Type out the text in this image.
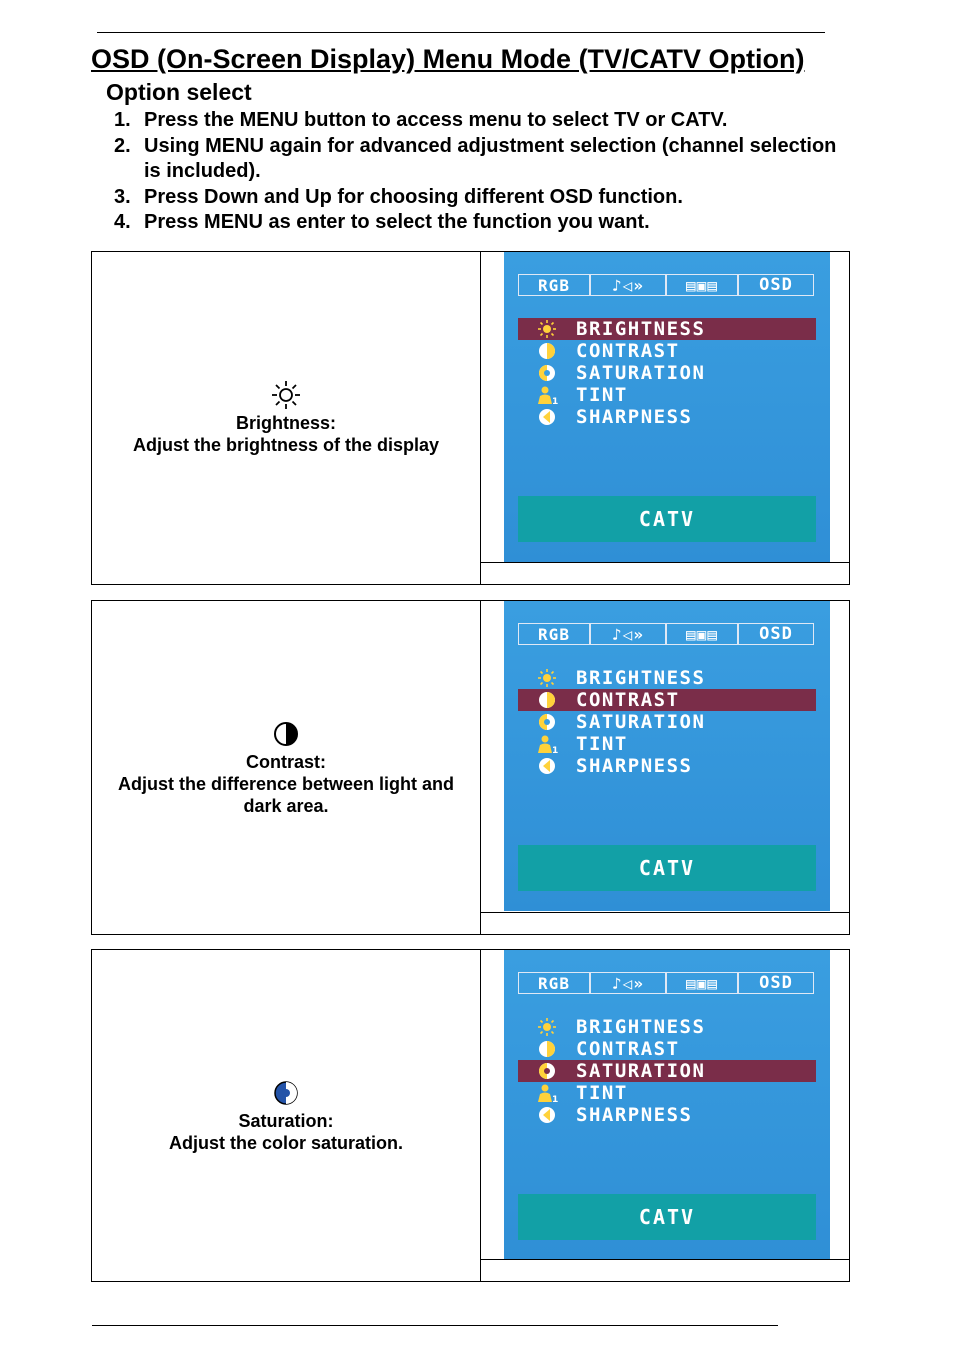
OSD (On-Screen Display) Menu Mode (TV/CATV Option)
Option select
1. Press the MENU button to access menu to select TV or CATV.
2. Using MENU again for advanced adjustment selection (channel selection is included).
3. Press Down and Up for choosing different OSD function.
4. Press MENU as enter to select the function you want.
Brightness:
Adjust the brightness of the display
RGB	♪◁»	▤▣▤	OSD
BRIGHTNESS
CONTRAST
SATURATION
1 TINT
SHARPNESS
CATV
Contrast:
Adjust the difference between light and dark area.
RGB	♪◁»	▤▣▤	OSD
BRIGHTNESS
CONTRAST
SATURATION
1 TINT
SHARPNESS
CATV
Saturation:
Adjust the color saturation.
RGB	♪◁»	▤▣▤	OSD
BRIGHTNESS
CONTRAST
SATURATION
1 TINT
SHARPNESS
CATV
